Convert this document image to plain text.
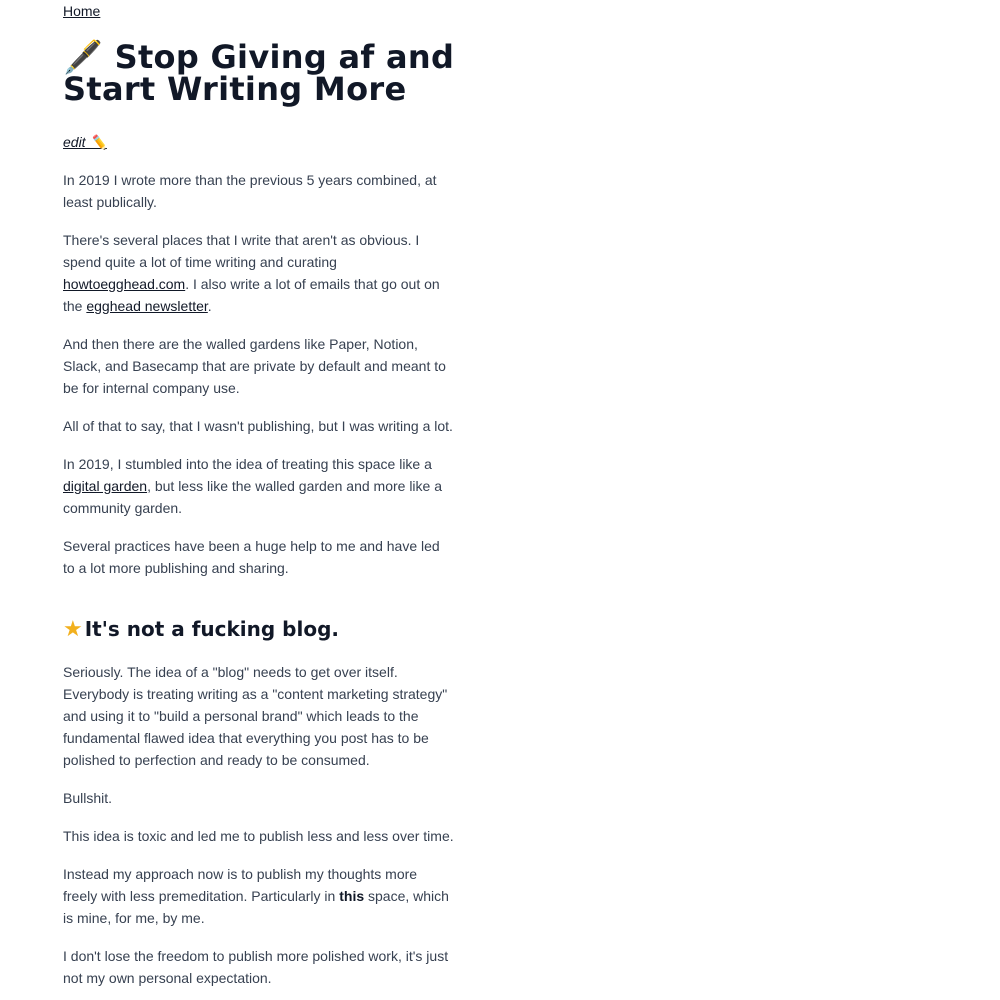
Home
🖋️ Stop Giving af and
Start Writing More
edit ✏️

In 2019 I wrote more than the previous 5 years combined, at least publically.

There's several places that I write that aren't as obvious. I spend quite a lot of time writing and curating howtoegghead.com. I also write a lot of emails that go out on the egghead newsletter.

And then there are the walled gardens like Paper, Notion, Slack, and Basecamp that are private by default and meant to be for internal company use.

All of that to say, that I wasn't publishing, but I was writing a lot.

In 2019, I stumbled into the idea of treating this space like a digital garden, but less like the walled garden and more like a community garden.

Several practices have been a huge help to me and have led to a lot more publishing and sharing.

★ It's not a fucking blog.

Seriously. The idea of a "blog" needs to get over itself. Everybody is treating writing as a "content marketing strategy" and using it to "build a personal brand" which leads to the fundamental flawed idea that everything you post has to be polished to perfection and ready to be consumed.

Bullshit.

This idea is toxic and led me to publish less and less over time.

Instead my approach now is to publish my thoughts more freely with less premeditation. Particularly in this space, which is mine, for me, by me.

I don't lose the freedom to publish more polished work, it's just not my own personal expectation.
